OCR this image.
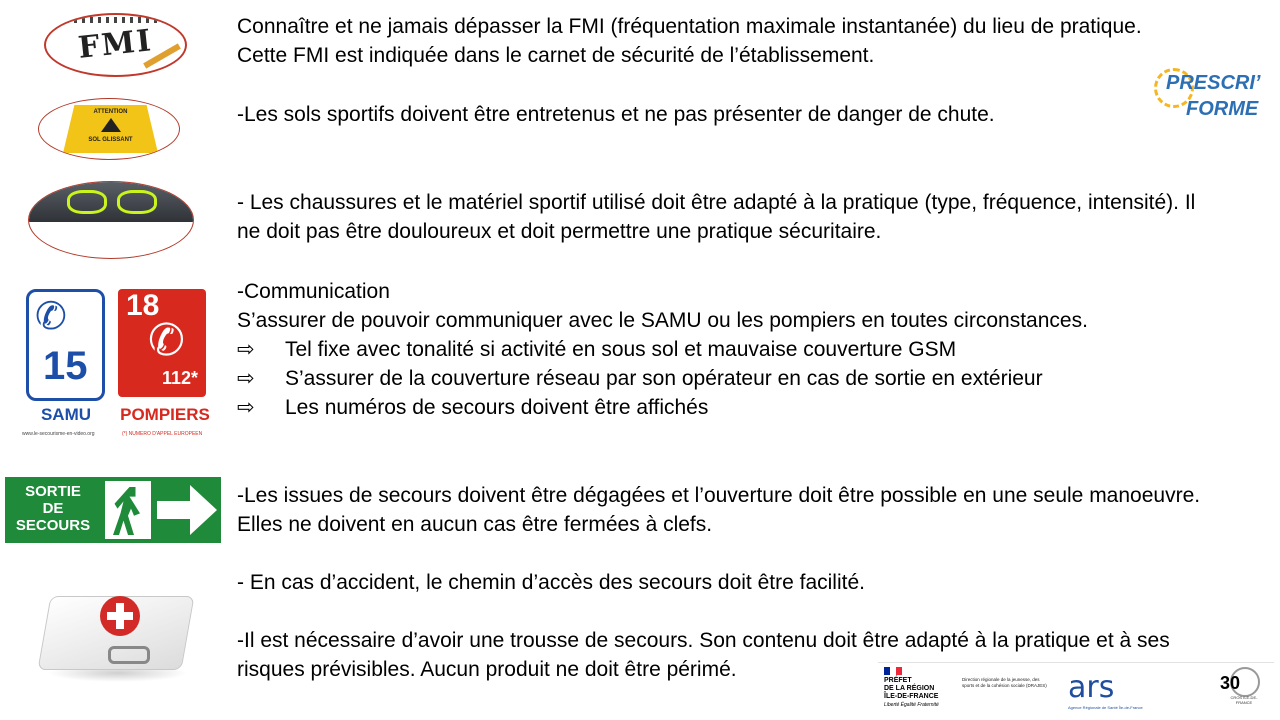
FMI
ATTENTION
SOL GLISSANT
✆
15
SAMU
www.le-secourisme-en-video.org
18
✆
112*
POMPIERS
(*) NUMERO D'APPEL EUROPEEN
SORTIE
DE
SECOURS

Connaître et ne jamais dépasser la FMI (fréquentation maximale instantanée) du lieu de pratique. Cette FMI est indiquée dans le carnet de sécurité de l’établissement.

-Les sols sportifs doivent être entretenus et ne pas présenter de danger de chute.

- Les chaussures et le matériel sportif utilisé doit être adapté à la pratique (type, fréquence, intensité). Il ne doit pas être douloureux et doit permettre une pratique sécuritaire.

-Communication

S’assurer de pouvoir communiquer avec le SAMU ou les pompiers en toutes circonstances.

⇨ Tel fixe avec tonalité si activité en sous sol et mauvaise couverture GSM
⇨ S’assurer de la couverture réseau par son opérateur en cas de sortie en extérieur
⇨ Les numéros de secours doivent être affichés

-Les issues de secours doivent être dégagées et l’ouverture doit être possible en une seule manoeuvre. Elles ne doivent en aucun cas être fermées à clefs.

- En cas d’accident, le chemin d’accès des secours doit être facilité.

-Il est nécessaire d’avoir une trousse de secours. Son contenu doit être adapté à la pratique et à ses risques prévisibles. Aucun produit ne doit être périmé.

PRESCRI’
FORME
PRÉFET
DE LA RÉGION
ÎLE-DE-FRANCE
Liberté Égalité Fraternité
Direction régionale de la jeunesse, des sports et de la cohésion sociale (DRAJES) ars
Agence Régionale de Santé Île-de-France
CROS ILE-DE-FRANCE
30
